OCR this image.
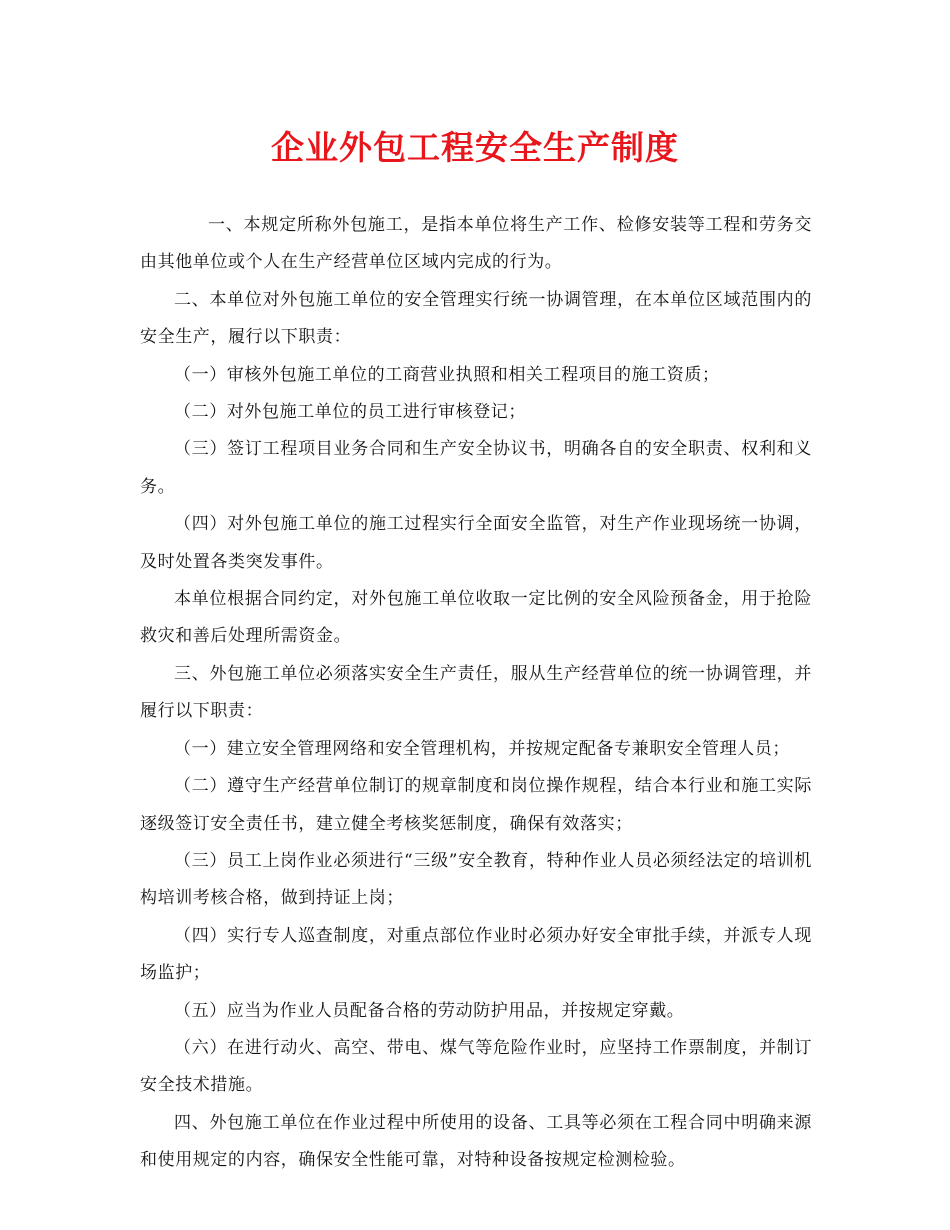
企业外包工程安全生产制度

一、本规定所称外包施工，是指本单位将生产工作、检修安装等工程和劳务交由其他单位或个人在生产经营单位区域内完成的行为。

二、本单位对外包施工单位的安全管理实行统一协调管理，在本单位区域范围内的安全生产，履行以下职责：

（一）审核外包施工单位的工商营业执照和相关工程项目的施工资质；

（二）对外包施工单位的员工进行审核登记；

（三）签订工程项目业务合同和生产安全协议书，明确各自的安全职责、权利和义务。

（四）对外包施工单位的施工过程实行全面安全监管，对生产作业现场统一协调，及时处置各类突发事件。

本单位根据合同约定，对外包施工单位收取一定比例的安全风险预备金，用于抢险救灾和善后处理所需资金。

三、外包施工单位必须落实安全生产责任，服从生产经营单位的统一协调管理，并履行以下职责：

（一）建立安全管理网络和安全管理机构，并按规定配备专兼职安全管理人员；

（二）遵守生产经营单位制订的规章制度和岗位操作规程，结合本行业和施工实际逐级签订安全责任书，建立健全考核奖惩制度，确保有效落实；

（三）员工上岗作业必须进行“三级”安全教育，特种作业人员必须经法定的培训机构培训考核合格，做到持证上岗；

（四）实行专人巡查制度，对重点部位作业时必须办好安全审批手续，并派专人现场监护；

（五）应当为作业人员配备合格的劳动防护用品，并按规定穿戴。

（六）在进行动火、高空、带电、煤气等危险作业时，应坚持工作票制度，并制订安全技术措施。

四、外包施工单位在作业过程中所使用的设备、工具等必须在工程合同中明确来源和使用规定的内容，确保安全性能可靠，对特种设备按规定检测检验。
